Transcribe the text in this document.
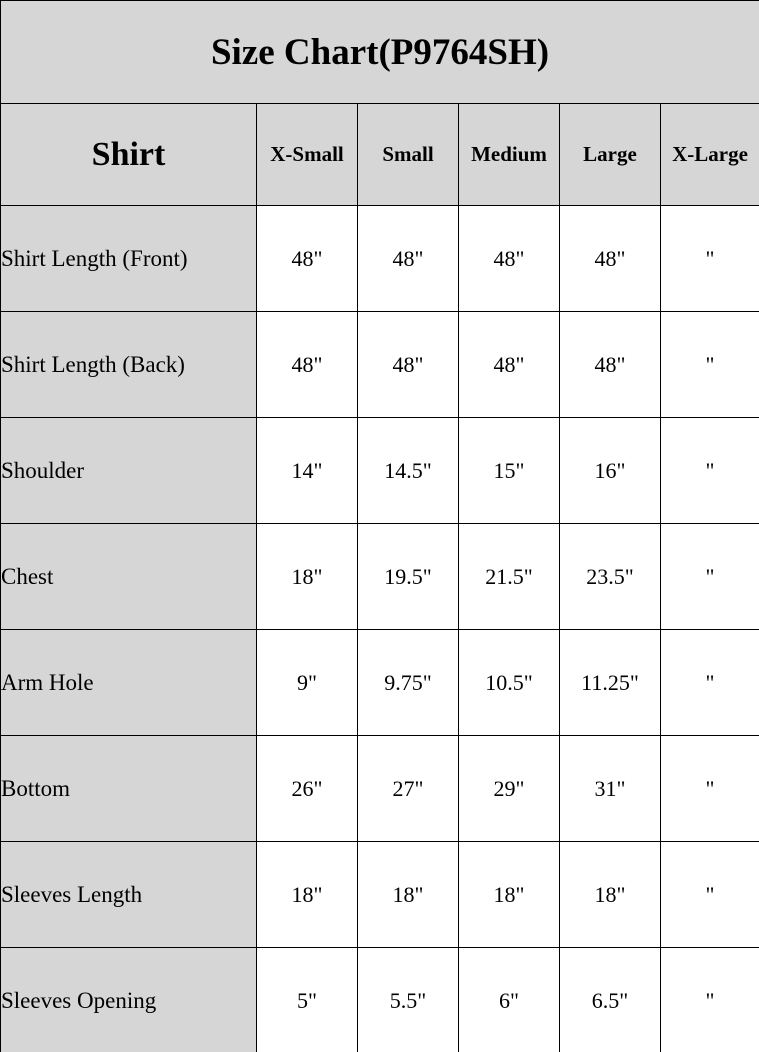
Size Chart(P9764SH)					
Shirt	X-Small	Small	Medium	Large	X-Large
Shirt Length (Front)	48"	48"	48"	48"	"
Shirt Length (Back)	48"	48"	48"	48"	"
Shoulder	14"	14.5"	15"	16"	"
Chest	18"	19.5"	21.5"	23.5"	"
Arm Hole	9"	9.75"	10.5"	11.25"	"
Bottom	26"	27"	29"	31"	"
Sleeves Length	18"	18"	18"	18"	"
Sleeves Opening	5"	5.5"	6"	6.5"	"
